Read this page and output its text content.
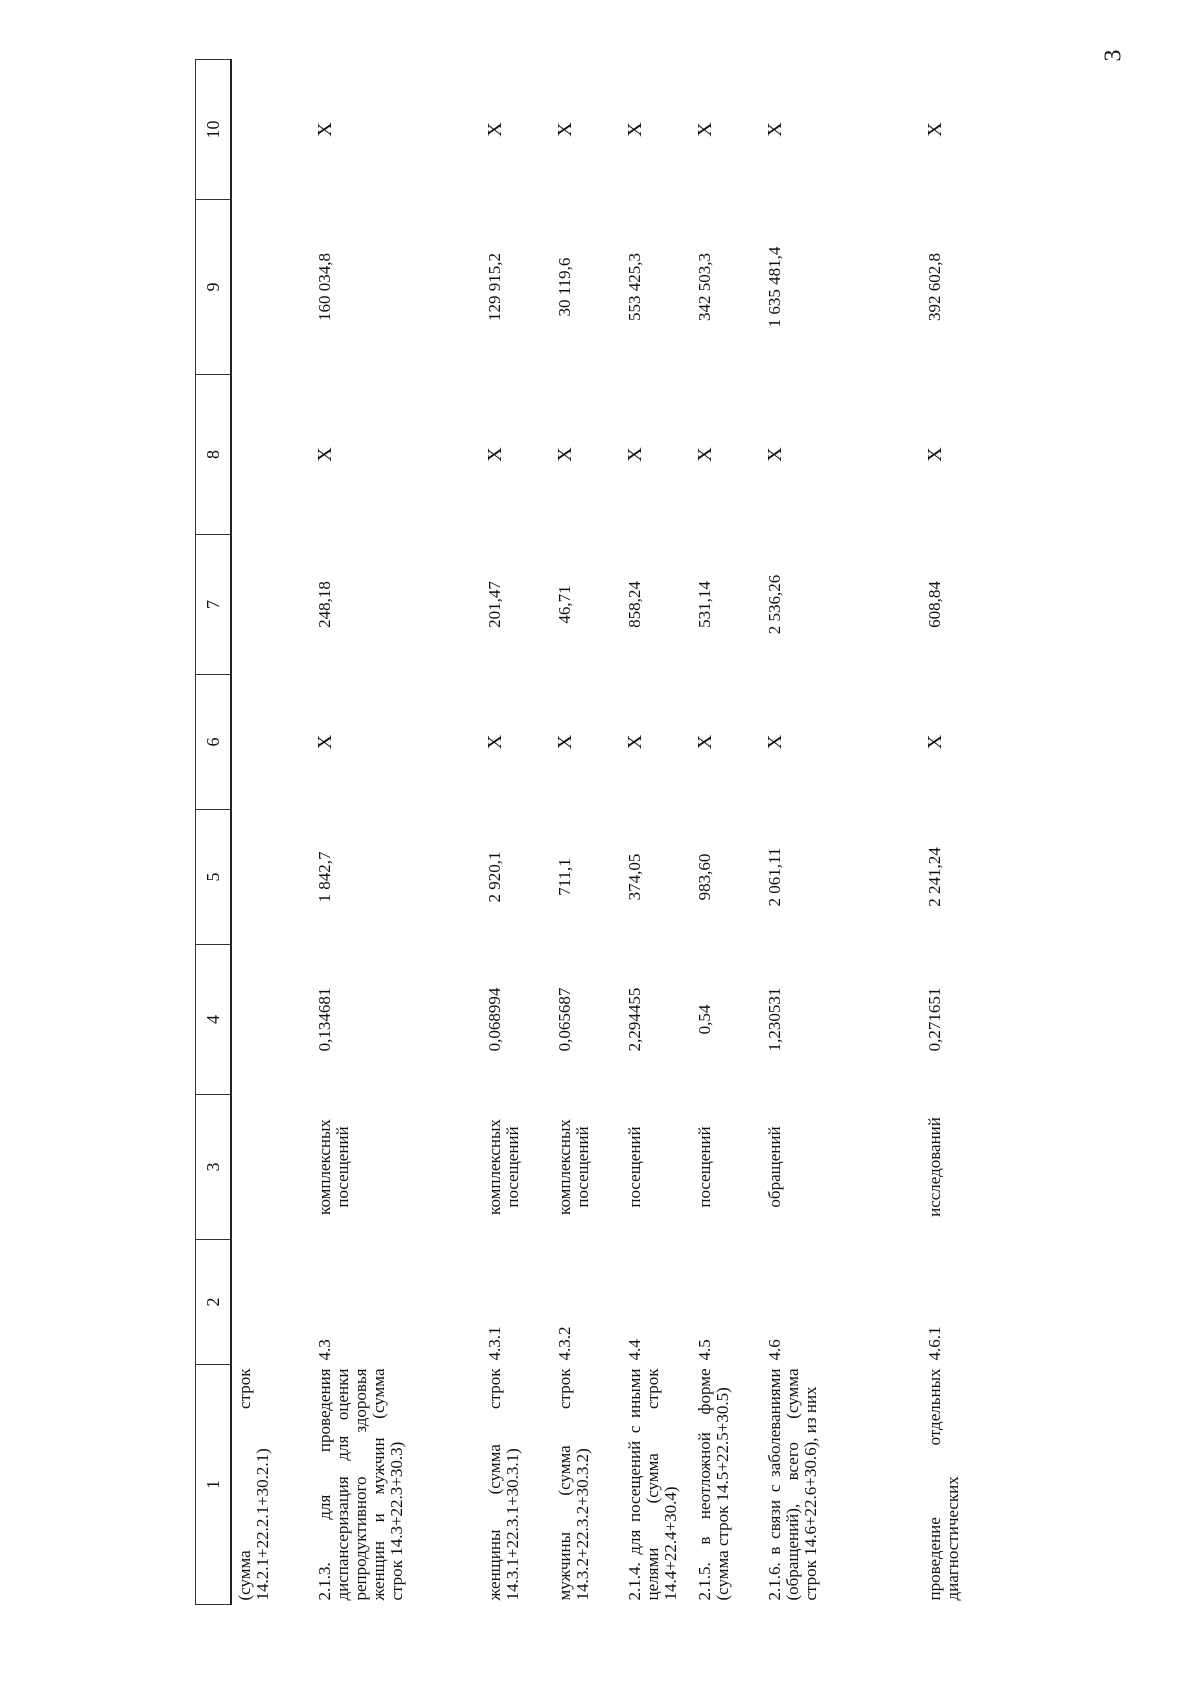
3
1	2	3	4	5	6	7	8	9	10
(сумма строк 14.2.1+22.2.1+30.2.1)									
2.1.3. для проведения диспансеризация для оценки репродуктивного здоровья женщин и мужчин (сумма строк 14.3+22.3+30.3)	4.3	комплексных посещений	0,134681	1 842,7	Х	248,18	Х	160 034,8	Х
женщины (сумма строк 14.3.1+22.3.1+30.3.1)	4.3.1	комплексных посещений	0,068994	2 920,1	Х	201,47	Х	129 915,2	Х
мужчины (сумма строк 14.3.2+22.3.2+30.3.2)	4.3.2	комплексных посещений	0,065687	711,1	Х	46,71	Х	30 119,6	Х
2.1.4. для посещений с иными целями (сумма строк 14.4+22.4+30.4)	4.4	посещений	2,294455	374,05	Х	858,24	Х	553 425,3	Х
2.1.5. в неотложной форме (сумма строк 14.5+22.5+30.5)	4.5	посещений	0,54	983,60	Х	531,14	Х	342 503,3	Х
2.1.6. в связи с заболеваниями (обращений), всего (сумма строк 14.6+22.6+30.6), из них	4.6	обращений	1,230531	2 061,11	Х	2 536,26	Х	1 635 481,4	Х
проведение отдельных диагностических	4.6.1	исследований	0,271651	2 241,24	Х	608,84	Х	392 602,8	Х
